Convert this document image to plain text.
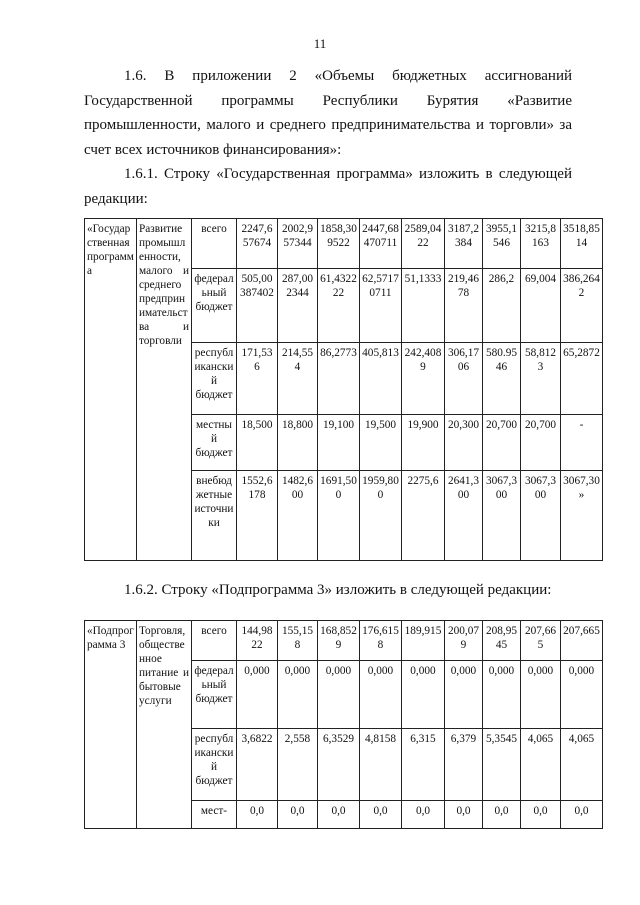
11

1.6. В приложении 2 «Объемы бюджетных ассигнований Государственной программы Республики Бурятия «Развитие промышленности, малого и среднего предпринимательства и торговли» за счет всех источников финансирования»:

1.6.1. Строку «Государственная программа» изложить в следующей редакции:

«Государственная программа	Развитие промышленности, малого и среднего предпринимательства и торговли	всего	2247,657674	2002,957344	1858,309522	2447,68470711	2589,0422	3187,2384	3955,1546	3215,8163	3518,8514
		федеральный бюджет	505,00387402	287,002344	61,432222	62,57170711	51,1333	219,4678	286,2	69,004	386,2642
		республиканский бюджет	171,536	214,554	86,2773	405,813	242,4089	306,1706	580.9546	58,8123	65,2872
		местный бюджет	18,500	18,800	19,100	19,500	19,900	20,300	20,700	20,700	-
		внебюджетные источники	1552,6178	1482,600	1691,500	1959,800	2275,6	2641,300	3067,300	3067,300	3067,30»
1.6.2. Строку «Подпрограмма 3» изложить в следующей редакции:
«Подпрограмма 3	Торговля, общественное питание и бытовые услуги	всего	144,9822	155,158	168,8529	176,6158	189,915	200,079	208,9545	207,665	207,665
		федеральный бюджет	0,000	0,000	0,000	0,000	0,000	0,000	0,000	0,000	0,000
		республиканский бюджет	3,6822	2,558	6,3529	4,8158	6,315	6,379	5,3545	4,065	4,065
		мест-	0,0	0,0	0,0	0,0	0,0	0,0	0,0	0,0	0,0
